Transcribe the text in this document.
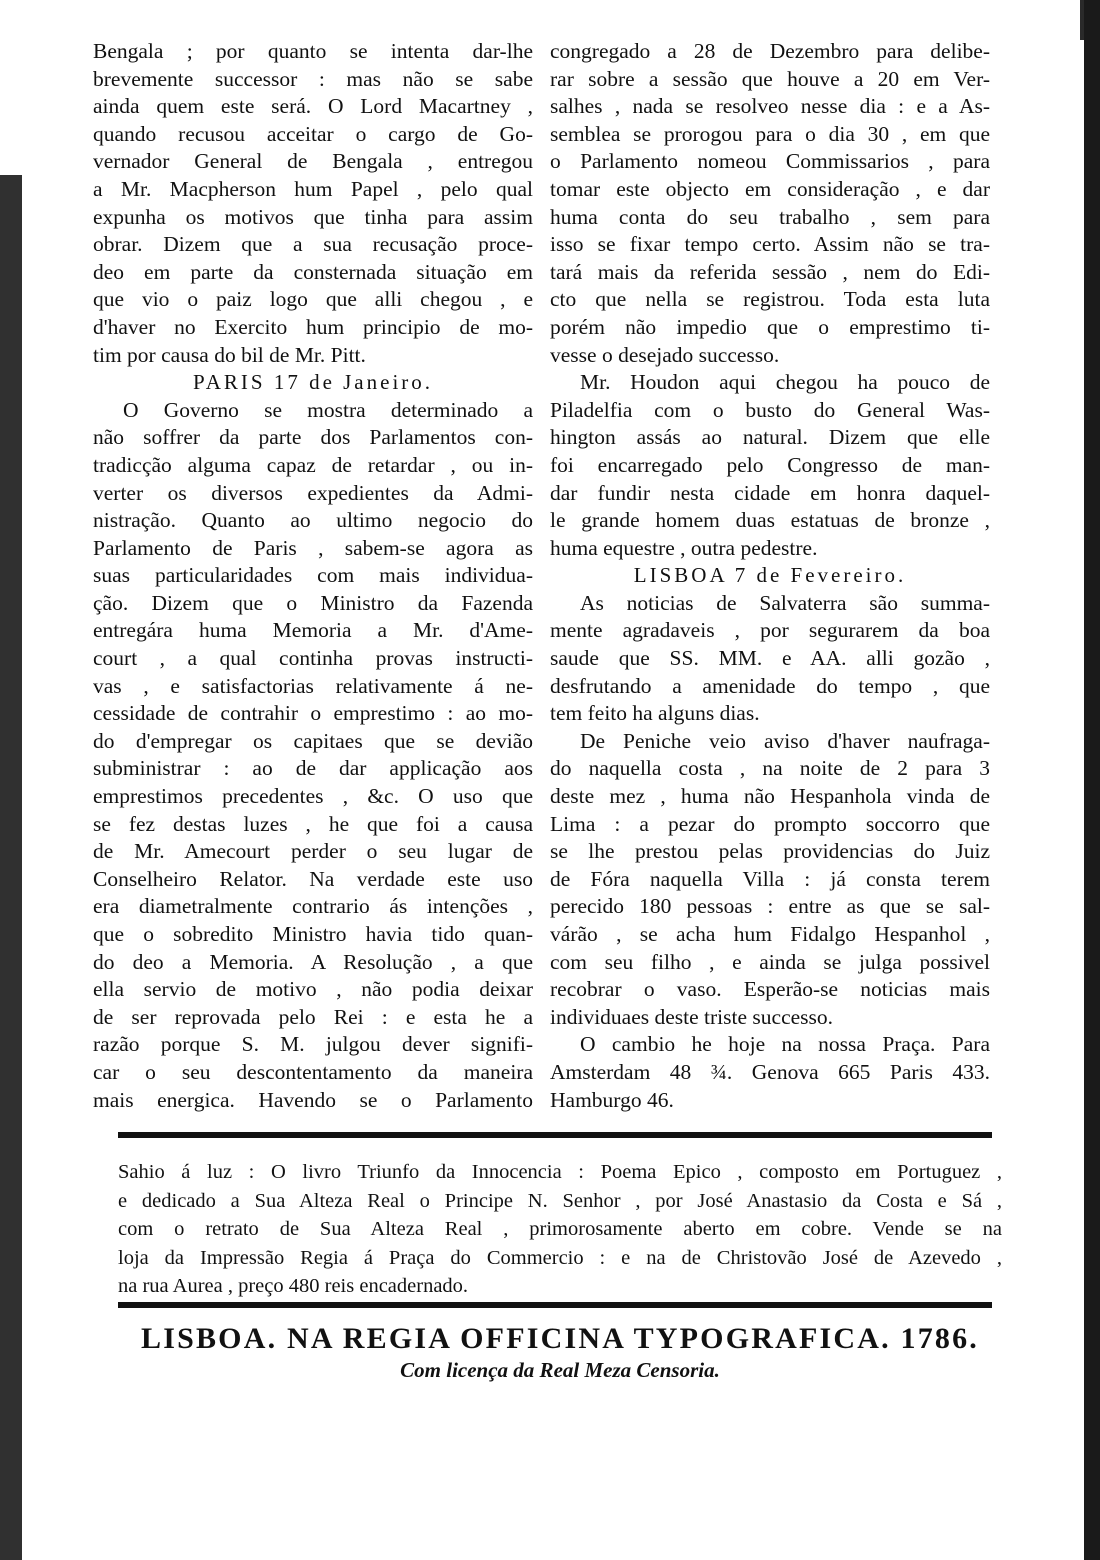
Bengala ; por quanto se intenta dar-lhe
brevemente successor : mas não se sabe
ainda quem este será. O Lord Macartney ,
quando recusou acceitar o cargo de Go-
vernador General de Bengala , entregou
a Mr. Macpherson hum Papel , pelo qual
expunha os motivos que tinha para assim
obrar. Dizem que a sua recusação proce-
deo em parte da consternada situação em
que vio o paiz logo que alli chegou , e
d'haver no Exercito hum principio de mo-
tim por causa do bil de Mr. Pitt.
PARIS 17 de Janeiro.
O Governo se mostra determinado a
não soffrer da parte dos Parlamentos con-
tradicção alguma capaz de retardar , ou in-
verter os diversos expedientes da Admi-
nistração. Quanto ao ultimo negocio do
Parlamento de Paris , sabem-se agora as
suas particularidades com mais individua-
ção. Dizem que o Ministro da Fazenda
entregára huma Memoria a Mr. d'Ame-
court , a qual continha provas instructi-
vas , e satisfactorias relativamente á ne-
cessidade de contrahir o emprestimo : ao mo-
do d'empregar os capitaes que se devião
subministrar : ao de dar applicação aos
emprestimos precedentes , &c. O uso que
se fez destas luzes , he que foi a causa
de Mr. Amecourt perder o seu lugar de
Conselheiro Relator. Na verdade este uso
era diametralmente contrario ás intenções ,
que o sobredito Ministro havia tido quan-
do deo a Memoria. A Resolução , a que
ella servio de motivo , não podia deixar
de ser reprovada pelo Rei : e esta he a
razão porque S. M. julgou dever signifi-
car o seu descontentamento da maneira
mais energica. Havendo se o Parlamento
congregado a 28 de Dezembro para delibe-
rar sobre a sessão que houve a 20 em Ver-
salhes , nada se resolveo nesse dia : e a As-
semblea se prorogou para o dia 30 , em que
o Parlamento nomeou Commissarios , para
tomar este objecto em consideração , e dar
huma conta do seu trabalho , sem para
isso se fixar tempo certo. Assim não se tra-
tará mais da referida sessão , nem do Edi-
cto que nella se registrou. Toda esta luta
porém não impedio que o emprestimo ti-
vesse o desejado successo.
Mr. Houdon aqui chegou ha pouco de
Piladelfia com o busto do General Was-
hington assás ao natural. Dizem que elle
foi encarregado pelo Congresso de man-
dar fundir nesta cidade em honra daquel-
le grande homem duas estatuas de bronze ,
huma equestre , outra pedestre.
LISBOA 7 de Fevereiro.
As noticias de Salvaterra são summa-
mente agradaveis , por segurarem da boa
saude que SS. MM. e AA. alli gozão ,
desfrutando a amenidade do tempo , que
tem feito ha alguns dias.
De Peniche veio aviso d'haver naufraga-
do naquella costa , na noite de 2 para 3
deste mez , huma não Hespanhola vinda de
Lima : a pezar do prompto soccorro que
se lhe prestou pelas providencias do Juiz
de Fóra naquella Villa : já consta terem
perecido 180 pessoas : entre as que se sal-
várão , se acha hum Fidalgo Hespanhol ,
com seu filho , e ainda se julga possivel
recobrar o vaso. Esperão-se noticias mais
individuaes deste triste successo.
O cambio he hoje na nossa Praça. Para
Amsterdam 48 ¾. Genova 665 Paris 433.
Hamburgo 46.
Sahio á luz : O livro Triunfo da Innocencia : Poema Epico , composto em Portuguez ,
e dedicado a Sua Alteza Real o Principe N. Senhor , por José Anastasio da Costa e Sá ,
com o retrato de Sua Alteza Real , primorosamente aberto em cobre. Vende se na
loja da Impressão Regia á Praça do Commercio : e na de Christovão José de Azevedo ,
na rua Aurea , preço 480 reis encadernado.
LISBOA. NA REGIA OFFICINA TYPOGRAFICA. 1786.
Com licença da Real Meza Censoria.
